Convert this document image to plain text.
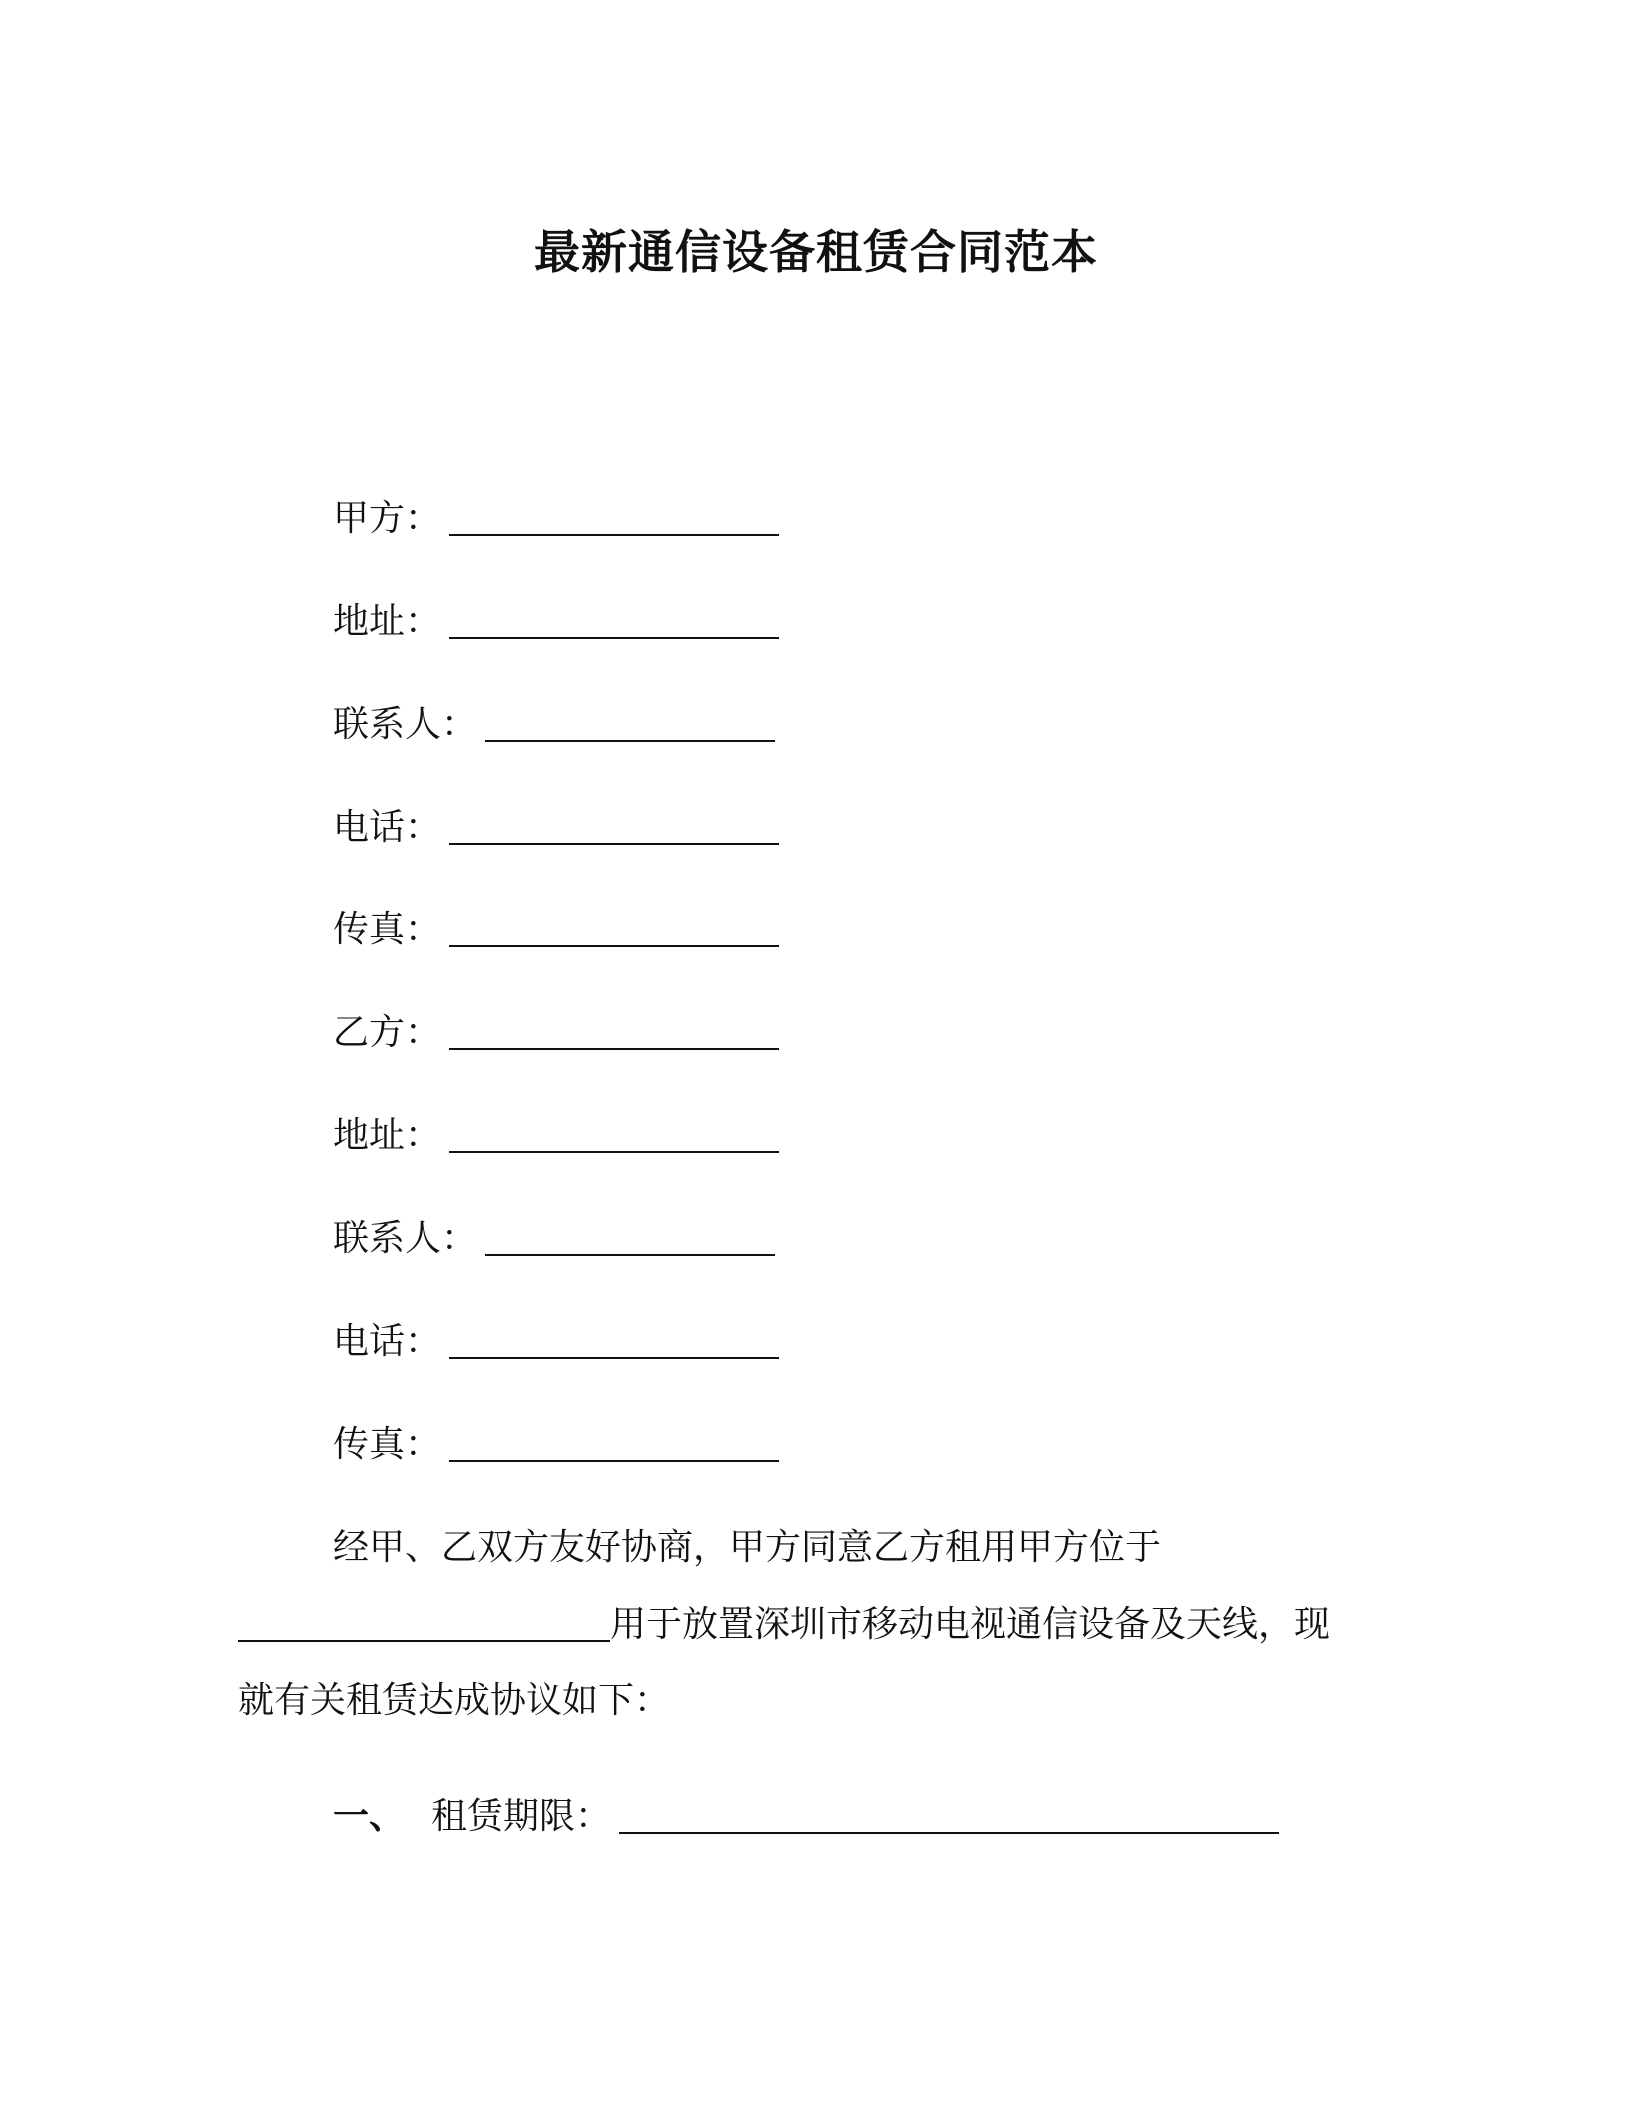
最新通信设备租赁合同范本
甲方：
地址：
联系人：
电话：
传真：
乙方：
地址：
联系人：
电话：
传真：
经甲、乙双方友好协商，甲方同意乙方租用甲方位于
用于放置深圳市移动电视通信设备及天线，现
就有关租赁达成协议如下：
一、 租赁期限：
